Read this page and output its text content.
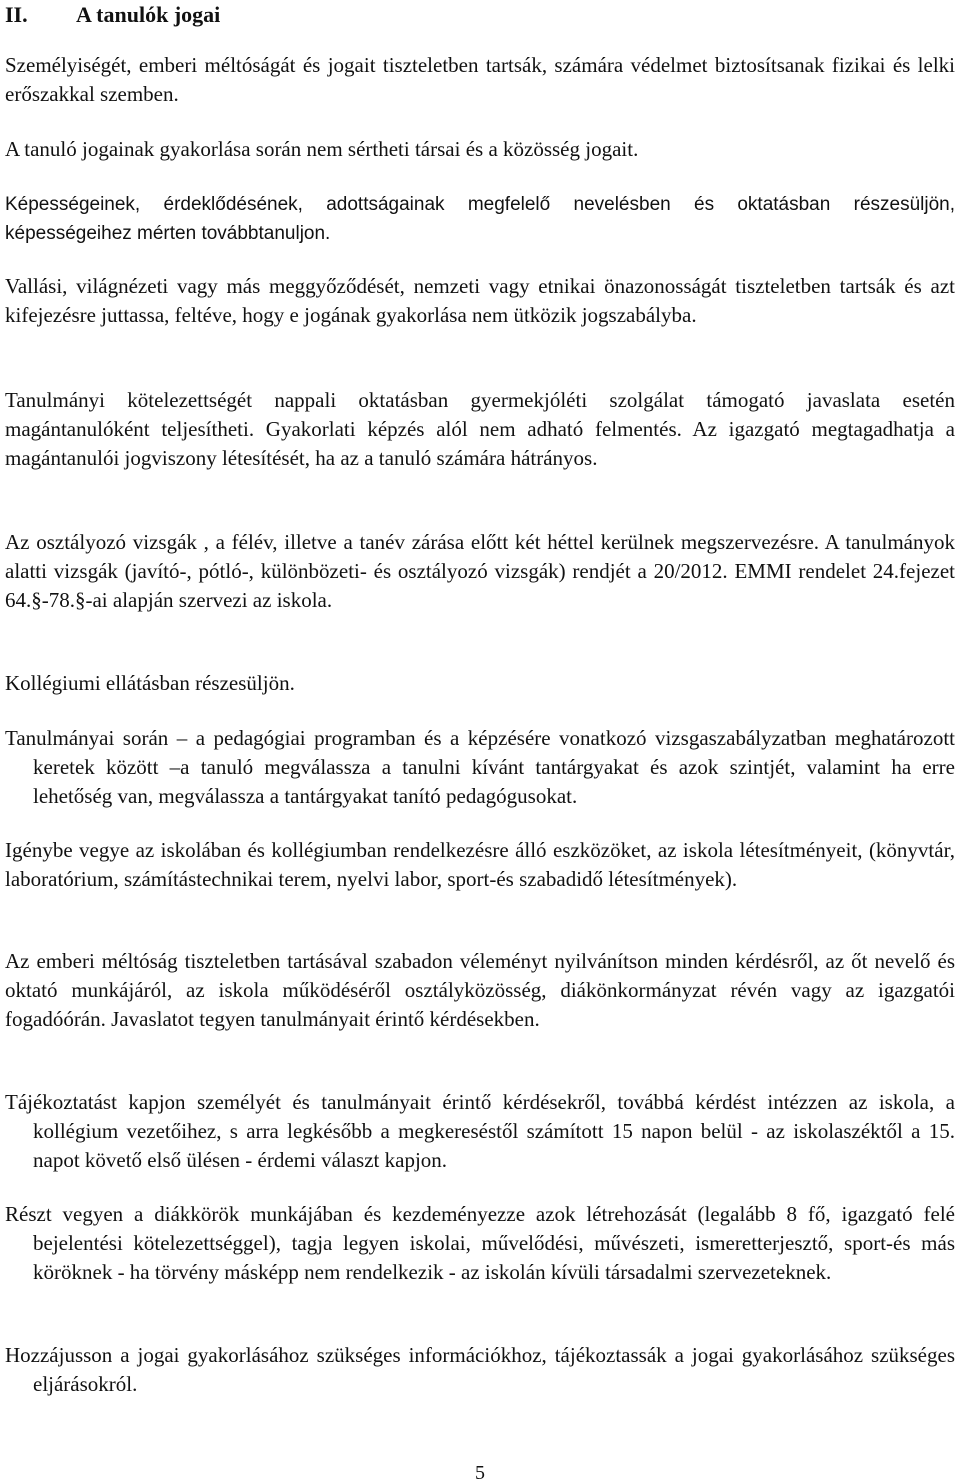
II. A tanulók jogai

Személyiségét, emberi méltóságát és jogait tiszteletben tartsák, számára védelmet biztosítsanak fizikai és lelki erőszakkal szemben.

A tanuló jogainak gyakorlása során nem sértheti társai és a közösség jogait.

Képességeinek, érdeklődésének, adottságainak megfelelő nevelésben és oktatásban részesüljön, képességeihez mérten továbbtanuljon.

Vallási, világnézeti vagy más meggyőződését, nemzeti vagy etnikai önazonosságát tiszteletben tartsák és azt kifejezésre juttassa, feltéve, hogy e jogának gyakorlása nem ütközik jogszabályba.

Tanulmányi kötelezettségét nappali oktatásban gyermekjóléti szolgálat támogató javaslata esetén magántanulóként teljesítheti. Gyakorlati képzés alól nem adható felmentés. Az igazgató megtagadhatja a magántanulói jogviszony létesítését, ha az a tanuló számára hátrányos.

Az osztályozó vizsgák , a félév, illetve a tanév zárása előtt két héttel kerülnek megszervezésre. A tanulmányok alatti vizsgák (javító-, pótló-, különbözeti- és osztályozó vizsgák) rendjét a 20/2012. EMMI rendelet 24.fejezet 64.§-78.§-ai alapján szervezi az iskola.

Kollégiumi ellátásban részesüljön.

Tanulmányai során – a pedagógiai programban és a képzésére vonatkozó vizsgaszabályzatban meghatározott keretek között –a tanuló megválassza a tanulni kívánt tantárgyakat és azok szintjét, valamint ha erre lehetőség van, megválassza a tantárgyakat tanító pedagógusokat.

Igénybe vegye az iskolában és kollégiumban rendelkezésre álló eszközöket, az iskola létesítményeit, (könyvtár, laboratórium, számítástechnikai terem, nyelvi labor, sport-és szabadidő létesítmények).

Az emberi méltóság tiszteletben tartásával szabadon véleményt nyilvánítson minden kérdésről, az őt nevelő és oktató munkájáról, az iskola működéséről osztályközösség, diákönkormányzat révén vagy az igazgatói fogadóórán. Javaslatot tegyen tanulmányait érintő kérdésekben.

Tájékoztatást kapjon személyét és tanulmányait érintő kérdésekről, továbbá kérdést intézzen az iskola, a kollégium vezetőihez, s arra legkésőbb a megkereséstől számított 15 napon belül - az iskolaszéktől a 15. napot követő első ülésen - érdemi választ kapjon.

Részt vegyen a diákkörök munkájában és kezdeményezze azok létrehozását (legalább 8 fő, igazgató felé bejelentési kötelezettséggel), tagja legyen iskolai, művelődési, művészeti, ismeretterjesztő, sport-és más köröknek - ha törvény másképp nem rendelkezik - az iskolán kívüli társadalmi szervezeteknek.

Hozzájusson a jogai gyakorlásához szükséges információkhoz, tájékoztassák a jogai gyakorlásához szükséges eljárásokról.

5
